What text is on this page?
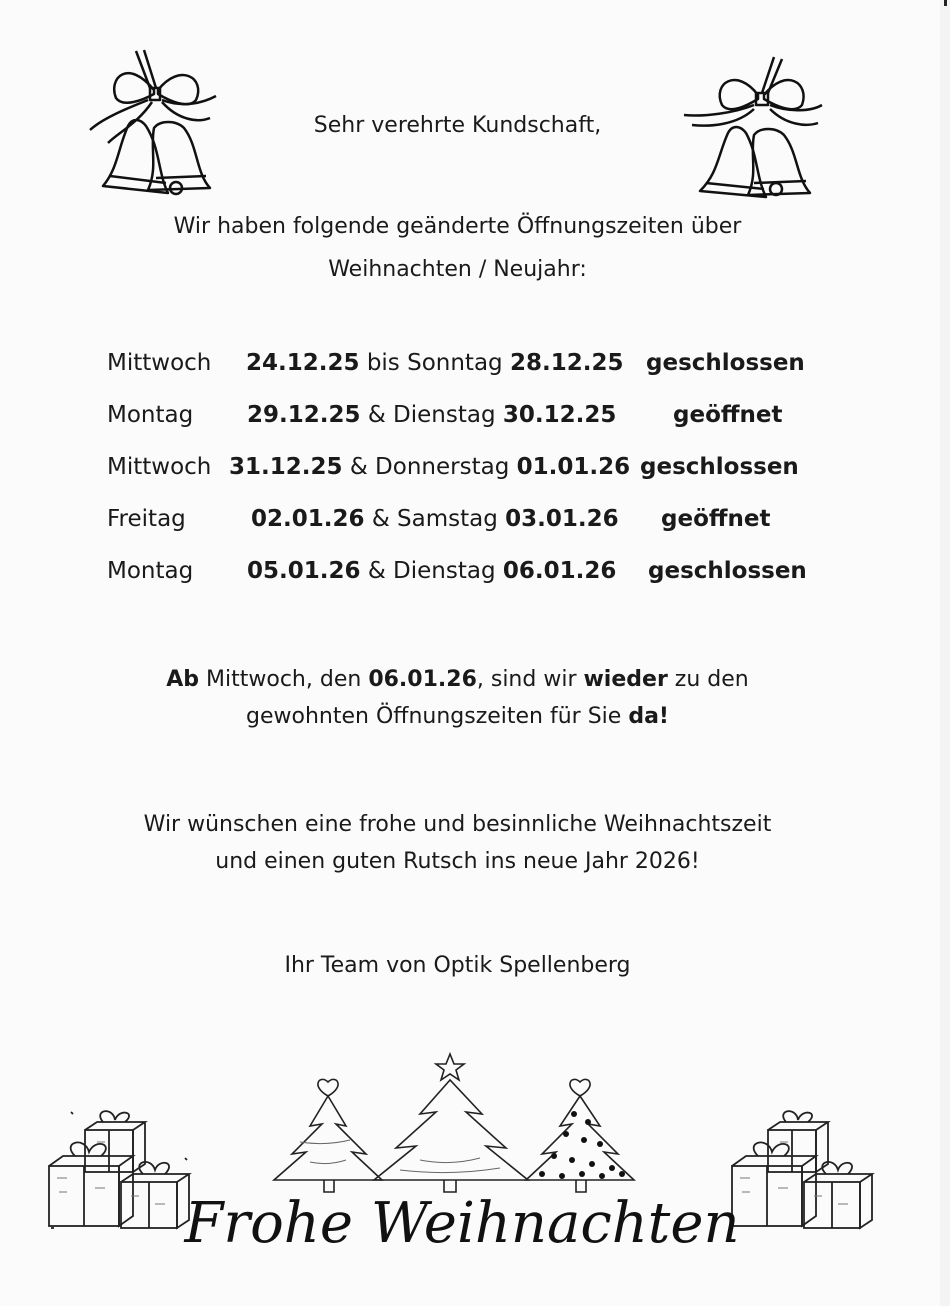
Sehr verehrte Kundschaft,
Wir haben folgende geänderte Öffnungszeiten über
Weihnachten / Neujahr:
Mittwoch 24.12.25 bis Sonntag 28.12.25 geschlossen
Montag 29.12.25 & Dienstag 30.12.25 geöffnet
Mittwoch 31.12.25 & Donnerstag 01.01.26 geschlossen
Freitag	02.01.26 & Samstag 03.01.26 geöffnet
Montag 05.01.26 & Dienstag 06.01.26 geschlossen
Ab Mittwoch, den 06.01.26, sind wir wieder zu den
gewohnten Öffnungszeiten für Sie da!
Wir wünschen eine frohe und besinnliche Weihnachtszeit
und einen guten Rutsch ins neue Jahr 2026!
Ihr Team von Optik Spellenberg
Frohe Weihnachten
